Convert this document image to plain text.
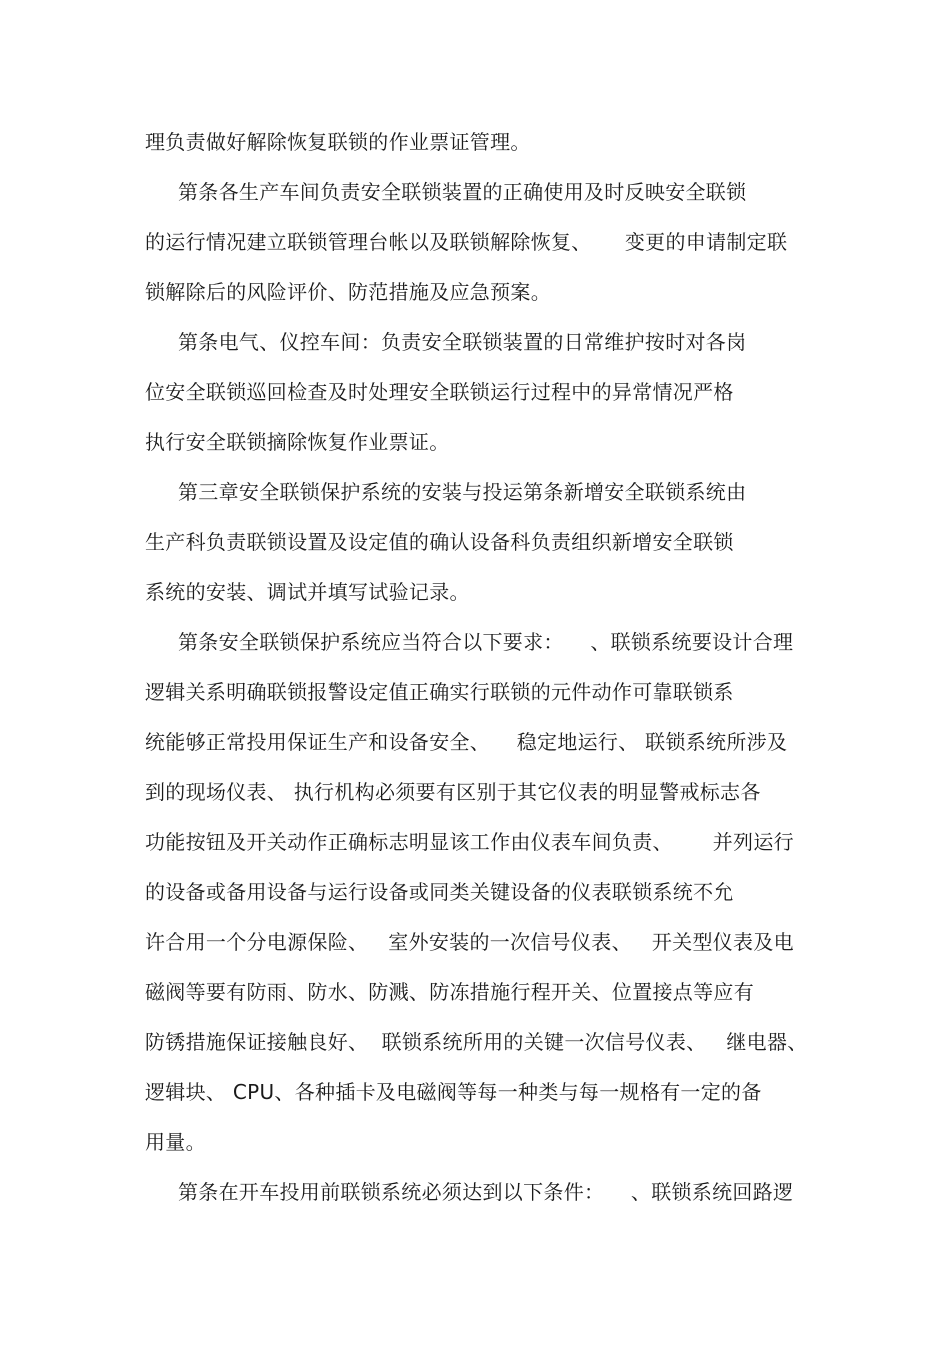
理负责做好解除恢复联锁的作业票证管理。
第条各生产车间负责安全联锁装置的正确使用及时反映安全联锁
的运行情况建立联锁管理台帐以及联锁解除恢复、     变更的申请制定联
锁解除后的风险评价、防范措施及应急预案。
第条电气、仪控车间：负责安全联锁装置的日常维护按时对各岗
位安全联锁巡回检查及时处理安全联锁运行过程中的异常情况严格
执行安全联锁摘除恢复作业票证。
第三章安全联锁保护系统的安装与投运第条新增安全联锁系统由
生产科负责联锁设置及设定值的确认设备科负责组织新增安全联锁
系统的安装、调试并填写试验记录。
第条安全联锁保护系统应当符合以下要求：    、联锁系统要设计合理
逻辑关系明确联锁报警设定值正确实行联锁的元件动作可靠联锁系
统能够正常投用保证生产和设备安全、    稳定地运行、 联锁系统所涉及
到的现场仪表、 执行机构必须要有区别于其它仪表的明显警戒标志各
功能按钮及开关动作正确标志明显该工作由仪表车间负责、      并列运行
的设备或备用设备与运行设备或同类关键设备的仪表联锁系统不允
许合用一个分电源保险、   室外安装的一次信号仪表、   开关型仪表及电
磁阀等要有防雨、防水、防溅、防冻措施行程开关、位置接点等应有
防锈措施保证接触良好、  联锁系统所用的关键一次信号仪表、   继电器、
逻辑块、 CPU、各种插卡及电磁阀等每一种类与每一规格有一定的备
用量。
第条在开车投用前联锁系统必须达到以下条件：    、联锁系统回路逻
